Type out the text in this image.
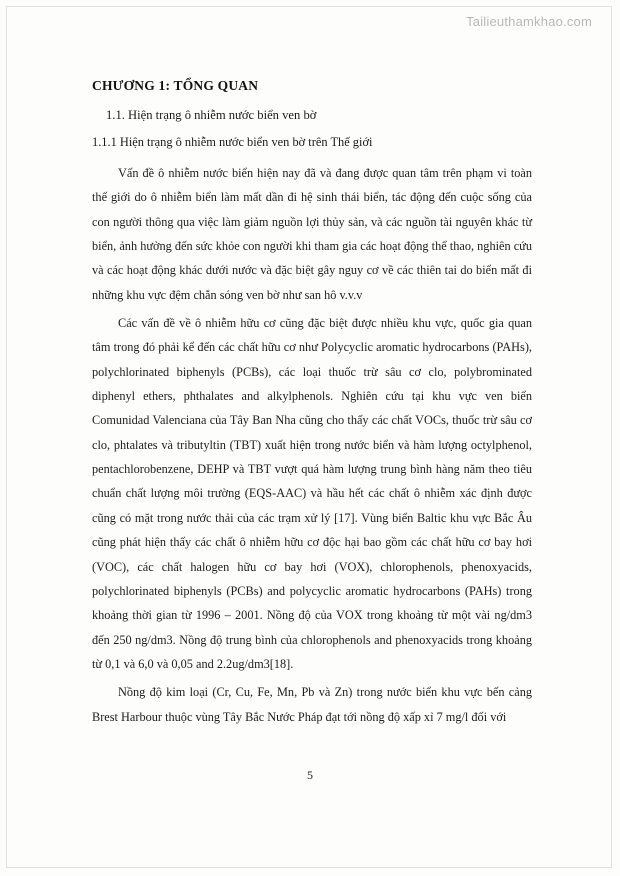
Tailieuthamkhao.com
CHƯƠNG 1: TỔNG QUAN
1.1. Hiện trạng ô nhiễm nước biển ven bờ
1.1.1 Hiện trạng ô nhiễm nước biển ven bờ trên Thế giới

Vấn đề ô nhiễm nước biển hiện nay đã và đang được quan tâm trên phạm vi toàn thế giới do ô nhiễm biển làm mất dần đi hệ sinh thái biển, tác động đến cuộc sống của con người thông qua việc làm giảm nguồn lợi thủy sản, và các nguồn tài nguyên khác từ biển, ảnh hưởng đến sức khỏe con người khi tham gia các hoạt động thể thao, nghiên cứu và các hoạt động khác dưới nước và đặc biệt gây nguy cơ về các thiên tai do biển mất đi những khu vực đệm chắn sóng ven bờ như san hô v.v.v

Các vấn đề về ô nhiễm hữu cơ cũng đặc biệt được nhiều khu vực, quốc gia quan tâm trong đó phải kể đến các chất hữu cơ như Polycyclic aromatic hydrocarbons (PAHs), polychlorinated biphenyls (PCBs), các loại thuốc trừ sâu cơ clo, polybrominated diphenyl ethers, phthalates and alkylphenols. Nghiên cứu tại khu vực ven biển Comunidad Valenciana của Tây Ban Nha cũng cho thấy các chất VOCs, thuốc trừ sâu cơ clo, phtalates và tributyltin (TBT) xuất hiện trong nước biển và hàm lượng octylphenol, pentachlorobenzene, DEHP và TBT vượt quá hàm lượng trung bình hàng năm theo tiêu chuẩn chất lượng môi trường (EQS-AAC) và hầu hết các chất ô nhiễm xác định được cũng có mặt trong nước thải của các trạm xử lý [17]. Vùng biển Baltic khu vực Bắc Âu cũng phát hiện thấy các chất ô nhiễm hữu cơ độc hại bao gồm các chất hữu cơ bay hơi (VOC), các chất halogen hữu cơ bay hơi (VOX), chlorophenols, phenoxyacids, polychlorinated biphenyls (PCBs) and polycyclic aromatic hydrocarbons (PAHs) trong khoảng thời gian từ 1996 – 2001. Nồng độ của VOX trong khoảng từ một vài ng/dm3 đến 250 ng/dm3. Nồng độ trung bình của chlorophenols and phenoxyacids trong khoảng từ 0,1 và 6,0 và 0,05 and 2.2ug/dm3[18].

Nồng độ kim loại (Cr, Cu, Fe, Mn, Pb và Zn) trong nước biển khu vực bến cảng Brest Harbour thuộc vùng Tây Bắc Nước Pháp đạt tới nồng độ xấp xỉ 7 mg/l đối với

5
